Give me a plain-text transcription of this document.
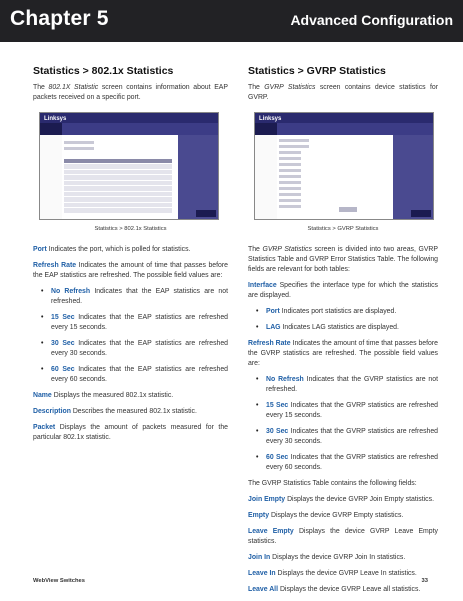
Chapter 5	Advanced Configuration
Statistics > 802.1x Statistics

The 802.1X Statistic screen contains information about EAP packets received on a specific port.

Linksys
Statistics > 802.1x Statistics

Port Indicates the port, which is polled for statistics.

Refresh Rate Indicates the amount of time that passes before the EAP statistics are refreshed. The possible field values are:

• No Refresh Indicates that the EAP statistics are not refreshed.
• 15 Sec Indicates that the EAP statistics are refreshed every 15 seconds.
• 30 Sec Indicates that the EAP statistics are refreshed every 30 seconds.
• 60 Sec Indicates that the EAP statistics are refreshed every 60 seconds.

Name Displays the measured 802.1x statistic.

Description Describes the measured 802.1x statistic.

Packet Displays the amount of packets measured for the particular 802.1x statistic.

Statistics > GVRP Statistics

The GVRP Statistics screen contains device statistics for GVRP.

Linksys
Statistics > GVRP Statistics

The GVRP Statistics screen is divided into two areas, GVRP Statistics Table and GVRP Error Statistics Table. The following fields are relevant for both tables:

Interface Specifies the interface type for which the statistics are displayed.

• Port Indicates port statistics are displayed.
• LAG Indicates LAG statistics are displayed.

Refresh Rate Indicates the amount of time that passes before the GVRP statistics are refreshed. The possible field values are:

• No Refresh Indicates that the GVRP statistics are not refreshed.
• 15 Sec Indicates that the GVRP statistics are refreshed every 15 seconds.
• 30 Sec Indicates that the GVRP statistics are refreshed every 30 seconds.
• 60 Sec Indicates that the GVRP statistics are refreshed every 60 seconds.

The GVRP Statistics Table contains the following fields:

Join Empty Displays the device GVRP Join Empty statistics.

Empty Displays the device GVRP Empty statistics.

Leave Empty Displays the device GVRP Leave Empty statistics.

Join In Displays the device GVRP Join In statistics.

Leave In Displays the device GVRP Leave In statistics.

Leave All Displays the device GVRP Leave all statistics.

WebView Switches	33
